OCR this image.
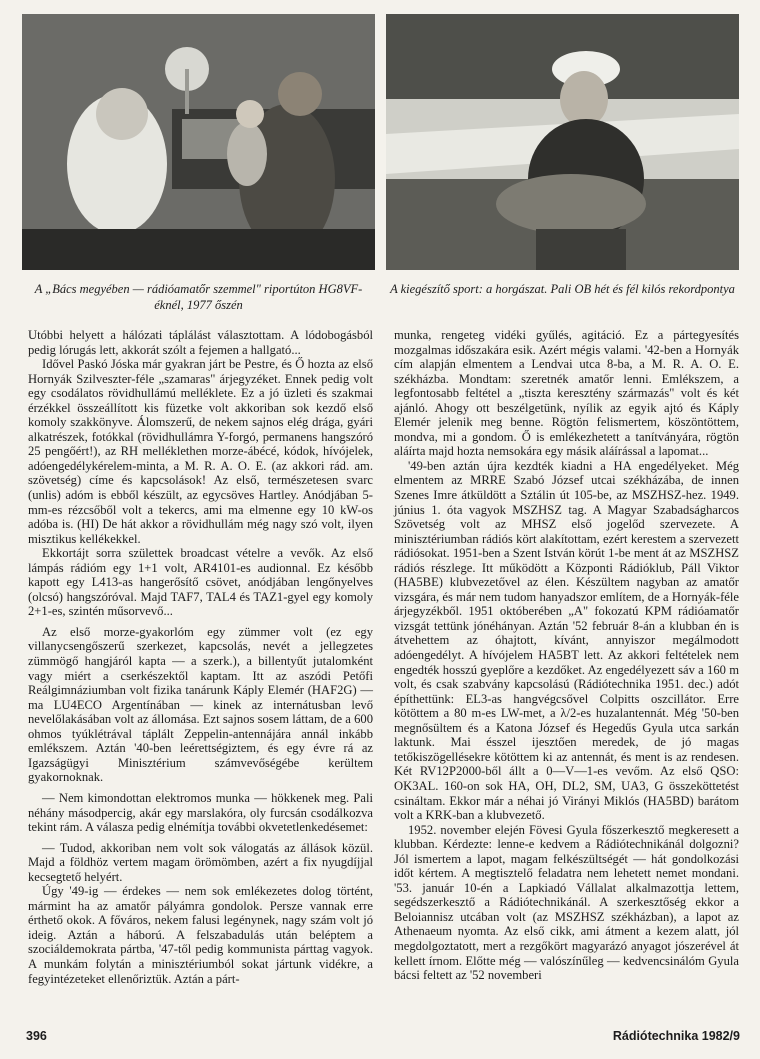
A „Bács megyében — rádióamatőr szemmel" riportúton HG8VF-éknél, 1977 őszén
A kiegészítő sport: a horgászat. Pali OB hét és fél kilós rekordpontya

Utóbbi helyett a hálózati táplálást választottam. A lódobogásból pedig lórugás lett, akkorát szólt a fejemen a hallgató...

Idővel Paskó Jóska már gyakran járt be Pestre, és Ő hozta az első Hornyák Szilveszter-féle „szamaras" árjegyzéket. Ennek pedig volt egy csodálatos rövidhullámú melléklete. Ez a jó üzleti és szakmai érzékkel összeállított kis füzetke volt akkoriban sok kezdő első komoly szakkönyve. Álomszerű, de nekem sajnos elég drága, gyári alkatrészek, fotókkal (rövidhullámra Y-forgó, permanens hangszóró 25 pengőért!), az RH melléklethen morze-ábécé, kódok, hívójelek, adóengedélykérelem-minta, a M. R. A. O. E. (az akkori rád. am. szövetség) címe és kapcsolások! Az első, természetesen svarc (unlis) adóm is ebből készült, az egycsöves Hartley. Anódjában 5-mm-es rézcsőből volt a tekercs, ami ma elmenne egy 10 kW-os adóba is. (HI) De hát akkor a rövidhullám még nagy szó volt, ilyen misztikus kellékekkel.

Ekkortájt sorra születtek broadcast vételre a vevők. Az első lámpás rádióm egy 1+1 volt, AR4101-es audionnal. Ez később kapott egy L413-as hangerősítő csövet, anódjában lengőnyelves (olcsó) hangszóróval. Majd TAF7, TAL4 és TAZ1-gyel egy komoly 2+1-es, szintén műsorvevő...

Az első morze-gyakorlóm egy zümmer volt (ez egy villanycsengőszerű szerkezet, kapcsolás, nevét a jellegzetes zümmögő hangjáról kapta — a szerk.), a billentyűt jutalomként vagy miért a cserkészektől kaptam. Itt az aszódi Petőfi Reálgimnáziumban volt fizika tanárunk Káply Elemér (HAF2G) — ma LU4ECO Argentínában — kinek az internátusban levő nevelőlakásában volt az állomása. Ezt sajnos sosem láttam, de a 600 ohmos tyúklétrával táplált Zeppelin-antennájára annál inkább emlékszem. Aztán '40-ben leérettségiztem, és egy évre rá az Igazságügyi Minisztérium számvevőségébe kerültem gyakornoknak.

— Nem kimondottan elektromos munka — hökkenek meg. Pali néhány másodpercig, akár egy marslakóra, oly furcsán csodálkozva tekint rám. A válasza pedig elnémítja további okvetetlenkedésemet:

— Tudod, akkoriban nem volt sok válogatás az állások közül. Majd a földhöz vertem magam örömömben, azért a fix nyugdíjjal kecsegtető helyért.

Úgy '49-ig — érdekes — nem sok emlékezetes dolog történt, mármint ha az amatőr pályámra gondolok. Persze vannak erre érthető okok. A főváros, nekem falusi legénynek, nagy szám volt jó ideig. Aztán a háború. A felszabadulás után beléptem a szociáldemokrata pártba, '47-től pedig kommunista párttag vagyok. A munkám folytán a minisztériumból sokat jártunk vidékre, a fegyintézeteket ellenőriztük. Aztán a párt-

munka, rengeteg vidéki gyűlés, agitáció. Ez a pártegyesítés mozgalmas időszakára esik. Azért mégis valami. '42-ben a Hornyák cím alapján elmentem a Lendvai utca 8-ba, a M. R. A. O. E. székházba. Mondtam: szeretnék amatőr lenni. Emlékszem, a legfontosabb feltétel a „tiszta keresztény származás" volt és két ajánló. Ahogy ott beszélgetünk, nyílik az egyik ajtó és Káply Elemér jelenik meg benne. Rögtön felismertem, köszöntöttem, mondva, mi a gondom. Ő is emlékezhetett a tanítványára, rögtön aláírta majd hozta nemsokára egy másik aláírással a lapomat...

'49-ben aztán újra kezdték kiadni a HA engedélyeket. Még elmentem az MRRE Szabó József utcai székházába, de innen Szenes Imre átküldött a Sztálin út 105-be, az MSZHSZ-hez. 1949. június 1. óta vagyok MSZHSZ tag. A Magyar Szabadságharcos Szövetség volt az MHSZ első jogelőd szervezete. A minisztériumban rádiós kört alakítottam, ezért kerestem a szervezett rádiósokat. 1951-ben a Szent István körút 1-be ment át az MSZHSZ rádiós részlege. Itt működött a Központi Rádióklub, Páll Viktor (HA5BE) klubvezetővel az élen. Készültem nagyban az amatőr vizsgára, és már nem tudom hanyadszor említem, de a Hornyák-féle árjegyzékből. 1951 októberében „A" fokozatú KPM rádióamatőr vizsgát tettünk jónéhányan. Aztán '52 február 8-án a klubban én is átvehettem az óhajtott, kívánt, annyiszor megálmodott adóengedélyt. A hívójelem HA5BT lett. Az akkori feltételek nem engedték hosszú gyeplőre a kezdőket. Az engedélyezett sáv a 160 m volt, és csak szabvány kapcsolású (Rádiótechnika 1951. dec.) adót építhettünk: EL3-as hangvégcsővel Colpitts oszcillátor. Erre kötöttem a 80 m-es LW-met, a λ/2-es huzalantennát. Még '50-ben megnősültem és a Katona József és Hegedűs Gyula utca sarkán laktunk. Mai ésszel ijesztően meredek, de jó magas tetőkiszögellésekre kötöttem ki az antennát, és ment is az rendesen. Két RV12P2000-ből állt a 0—V—1-es vevőm. Az első QSO: OK3AL. 160-on sok HA, OH, DL2, SM, UA3, G összeköttetést csináltam. Ekkor már a néhai jó Virányi Miklós (HA5BD) barátom volt a KRK-ban a klubvezető.

1952. november elején Fövesi Gyula főszerkesztő megkeresett a klubban. Kérdezte: lenne-e kedvem a Rádiótechnikánál dolgozni? Jól ismertem a lapot, magam felkészültségét — hát gondolkozási időt kértem. A megtisztelő feladatra nem lehetett nemet mondani. '53. január 10-én a Lapkiadó Vállalat alkalmazottja lettem, segédszerkesztő a Rádiótechnikánál. A szerkesztőség ekkor a Beloiannisz utcában volt (az MSZHSZ székházban), a lapot az Athenaeum nyomta. Az első cikk, ami átment a kezem alatt, jól megdolgoztatott, mert a rezgőkört magyarázó anyagot jószerével át kellett írnom. Előtte még — valószínűleg — kedvencsinálóm Gyula bácsi feltett az '52 novemberi

396	Rádiótechnika 1982/9
